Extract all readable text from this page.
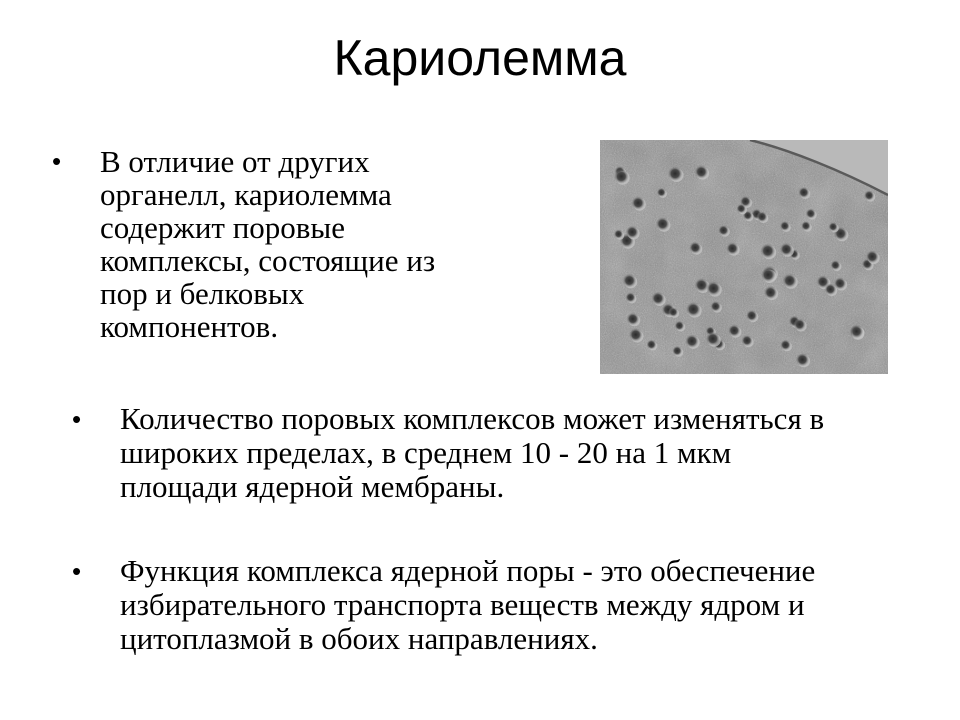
Кариолемма
•	В отличие от других органелл, кариолемма содержит поровые комплексы, состоящие из пор и белковых компонентов.
•	Количество поровых комплексов может изменяться в широких пределах, в среднем 10 - 20 на 1 мкм площади ядерной мембраны.
•	Функция комплекса ядерной поры - это обеспечение избирательного транспорта веществ между ядром и цитоплазмой в обоих направлениях.
